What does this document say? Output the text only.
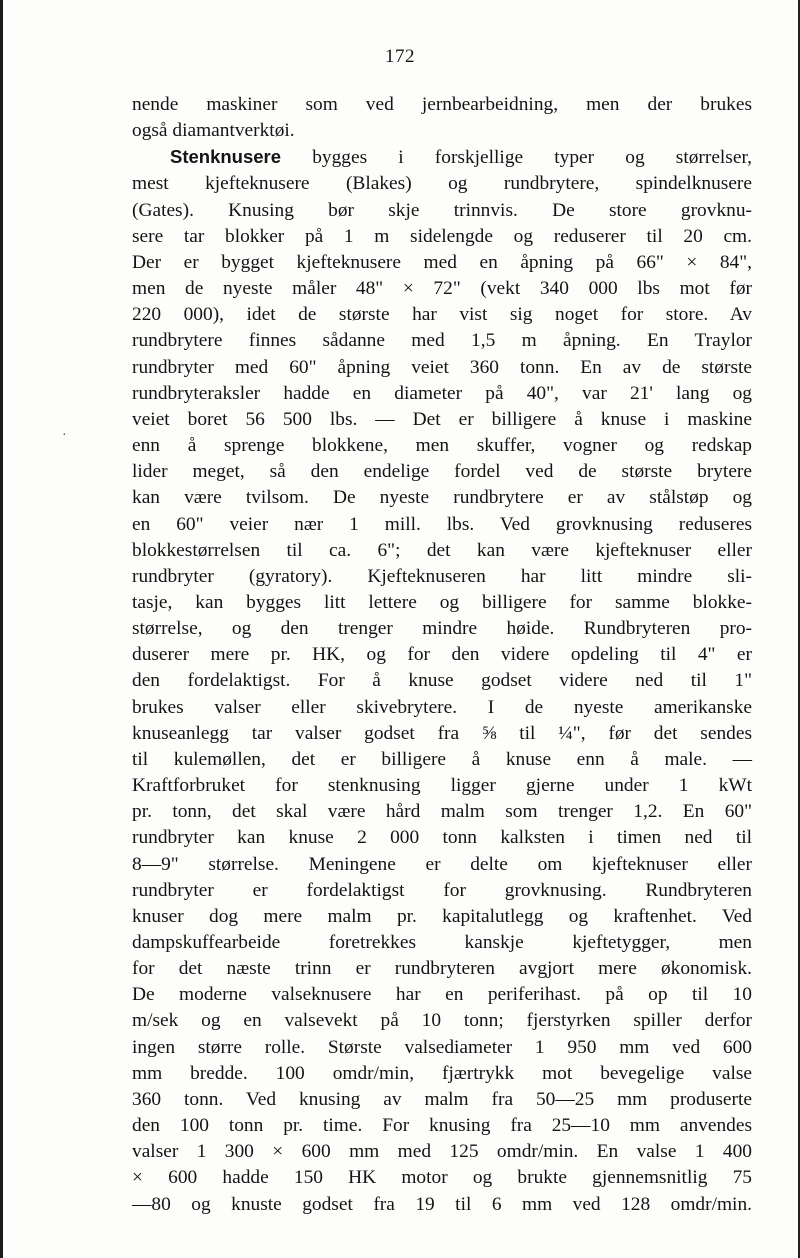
172
·
nende maskiner som ved jernbearbeidning, men der brukes
også diamantverktøi.
Stenknusere bygges i forskjellige typer og størrelser,
mest kjefteknusere (Blakes) og rundbrytere, spindelknusere
(Gates). Knusing bør skje trinnvis. De store grovknu-
sere tar blokker på 1 m sidelengde og reduserer til 20 cm.
Der er bygget kjefteknusere med en åpning på 66" × 84",
men de nyeste måler 48" × 72" (vekt 340 000 lbs mot før
220 000), idet de største har vist sig noget for store. Av
rundbrytere finnes sådanne med 1,5 m åpning. En Traylor
rundbryter med 60" åpning veiet 360 tonn. En av de største
rundbryteraksler hadde en diameter på 40", var 21' lang og
veiet boret 56 500 lbs. — Det er billigere å knuse i maskine
enn å sprenge blokkene, men skuffer, vogner og redskap
lider meget, så den endelige fordel ved de største brytere
kan være tvilsom. De nyeste rundbrytere er av stålstøp og
en 60" veier nær 1 mill. lbs. Ved grovknusing reduseres
blokkestørrelsen til ca. 6"; det kan være kjefteknuser eller
rundbryter (gyratory). Kjefteknuseren har litt mindre sli-
tasje, kan bygges litt lettere og billigere for samme blokke-
størrelse, og den trenger mindre høide. Rundbryteren pro-
duserer mere pr. HK, og for den videre opdeling til 4" er
den fordelaktigst. For å knuse godset videre ned til 1"
brukes valser eller skivebrytere. I de nyeste amerikanske
knuseanlegg tar valser godset fra ⅝ til ¼", før det sendes
til kulemøllen, det er billigere å knuse enn å male. —
Kraftforbruket for stenknusing ligger gjerne under 1 kWt
pr. tonn, det skal være hård malm som trenger 1,2. En 60"
rundbryter kan knuse 2 000 tonn kalksten i timen ned til
8—9" størrelse. Meningene er delte om kjefteknuser eller
rundbryter er fordelaktigst for grovknusing. Rundbryteren
knuser dog mere malm pr. kapitalutlegg og kraftenhet. Ved
dampskuffearbeide foretrekkes kanskje kjeftetygger, men
for det næste trinn er rundbryteren avgjort mere økonomisk.
De moderne valseknusere har en periferihast. på op til 10
m/sek og en valsevekt på 10 tonn; fjerstyrken spiller derfor
ingen større rolle. Største valsediameter 1 950 mm ved 600
mm bredde. 100 omdr/min, fjærtrykk mot bevegelige valse
360 tonn. Ved knusing av malm fra 50—25 mm produserte
den 100 tonn pr. time. For knusing fra 25—10 mm anvendes
valser 1 300 × 600 mm med 125 omdr/min. En valse 1 400
× 600 hadde 150 HK motor og brukte gjennemsnitlig 75
—80 og knuste godset fra 19 til 6 mm ved 128 omdr/min.
